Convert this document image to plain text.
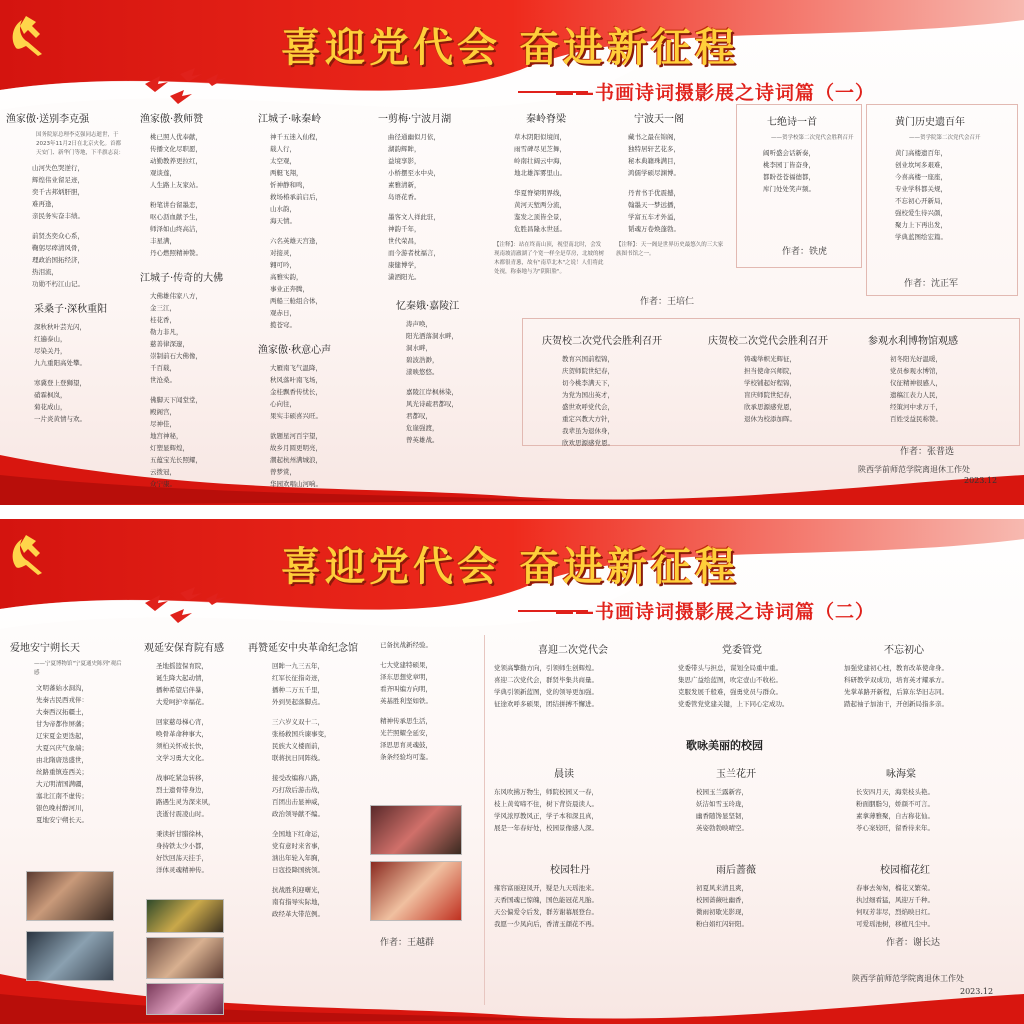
喜迎党代会 奋进新征程
——书画诗词摄影展之诗词篇（一）
渔家傲·送别李克强
国务院原总理李克强同志逝世，于2023年11月2日在北京火化。首都天安门、新华门等地，下半旗志哀：
山河失色哭逆行，
辉煌伟业留足迹，
奕千古邦炳肝胆，
难再逢，
亲民务实奋丰绩。
前贤杰奕众心系，
鞠躬尽瘁清风骨，
理政治国拓经济，
热泪流，
功勋不朽江山记。
采桑子·深秋重阳
深秋秋叶芸光闪，
红遍泰山，
尽染关丹，
九九重阳高处攀。
寒冀登上登狮望，
硝霖枫岚，
菊花成山，
一片炎黄情与欢。
渔家傲·教师赞
桃已照人优奉献，
传播文化尽职愿，
动勤教养更拉红，
观谈莲，
人生路上友家站。
粉笔讲台留墨恋，
呕心沥血献予生，
师泽如山终高洁，
丰星满，
丹心燃照精神赞。
江城子·传奇的大佛
大佛雄伟家八方，
金三江，
桂花香，
勒力非凡，
慈善律深邃，
崇制前石大佛像，
千百载，
世沧桑。
佛脚天下闻堂堂，
殿阁宫，
尽神佳，
地宫神秘，
灯塑显辉煌，
五蕴宝光长照耀，
云拨冠，
众宁康。
江城子·咏秦岭
神千五迷入仙程，
载人行，
太空观，
两艇飞翔，
忻神静和鸣，
救场椿承前启后，
山水韵，
海天情。
六名英雄天宫逢，
对接灵，
翱可吟，
高雅实韵，
事业正奔腾，
两船三舱组合体，
观赤日，
揽苍穹。
渔家傲·秋意心声
大雁南飞气温降，
秋风落叶南飞场，
金桂飘香传忧长，
心向往，
果实丰硕喜兴旺。
欲题星河百宇望，
故乡月圆更明亮，
潮起杭州满城浪，
曾梦赏，
华园欢唱山河响。
一剪梅·宁波月湖
曲径通幽似月依，
湖韵辉眸，
益境享影，
小桥摆至水中央，
素雅清新，
岛语花香。
墨客文人祥此驻，
神韵千年，
世代荣昌，
而今游者枕福言，
康健博学，
潇洒阳光。
忆秦娥·嘉陵江
涛声唤，
阳光洒落洞水畔，
洞水畔，
碧波浩渺，
漾映悠悠。
嘉陵江岸枫林染，
风光诗疏君都叹，
君都叹，
危崖强渡，
曾英雄战。
秦岭脊梁
草木阴阳似境间，
雨雪碑尽见芝舞，
岭南壮阔云中海，
地北雄浑雾里山。
华夏脊梁明界线，
黄河天堑两分流，
鉴发之顶皆全景，
危胜昌隆永世延。
【注释】：站在终南山顶，视望南北时，会发现南坡清澈湖了个宽一样全是草房，北坡的树木都很青葱，故有"南草北木"之说！人们将此处视，称秦地与为"阴阳脸"。
宁波天一阁
藏书之最在锦阁，
独特居轩艺花多，
秘本典籍珠满目，
鸿儒学硕尽渊博。
丹青书手优震撼，
翰墨天一梦远播，
学富五车才外溢，
韬魂万卷焕蓬勃。
【注释】：天一阁是世界历史最悠久的三大家族图书馆之一。
七绝诗一首
——贺学校第二次党代会胜利召开
阔听盛会话新奏，
桃李园丁皆奋身，
都盼苍苍福德都，
库门处处笑声频。
黄门历史遗百年
——贺学院第二次党代会召开
黄门高楼遗百年，
创业坎坷多艰难，
今喜高楼一座座，
专业学科都关规，
不忘初心开新局，
强校爱生待兴颜，
聚力上下再出发，
学典蓝图绘宏篇。
庆贺校二次党代会胜利召开
教育兴国前程锦，
庆贺师院世纪春，
切今桃李满天下，
为党为国出英才，
盛世欢呼党代会，
重定兴教大方针，
我辈虽为退休身，
欣欢思源感党恩。
庆贺校二次党代会胜利召开
铸魂举帜光辉征，
担当使命兴师院，
学校铺起好程锦，
盲庆师院世纪春，
欣承思源感党恩，
退休为校添加晖。
参观水利博物馆观感
初冬阳光好温暖，
党员参观水博馆，
仪征精神很感人，
遗稿江表力人民，
经策河中求万千，
百姓受益民称赞。
作者：王培仁
作者：铁虎
作者：沈正军
作者：张普选
陕西学前师范学院离退休工作处
2023.12
喜迎党代会 奋进新征程
——书画诗词摄影展之诗词篇（二）
爱地安宁朔长天
——宁夏博物馆"宁夏通史陈列"观后感
文明蕃始水洞沟，
先秦古民西戎伴：
大秦西汉拓疆土，
甘为帝都作屏藩；
辽宋夏金更迭起，
大夏兴庆气象端；
由北隋唐迭盛世，
丝路重镇连西关；
大元明清国满疆，
塞北江南不虚传；
银色晚村醉河川，
夏地安宁朔长天。
观延安保育院有感
圣地摇篮保育院，
诞生降大起动情，
播种希望启伴暴，
大爱呵护幸福花。
回家慈母梯心宵，
唤骨革命种事大，
须柏关怀成长快，
文学习勇大文化。
战事吃紧急转移，
烈士遗骨带身边，
路遇生灵为深来夙，
丧逝付震凌山时。
秉读折甘腊徐林，
身持铁太少小都，
好饮回荡天挂手，
洋体灵魂精神传。
再赞延安中央革命纪念馆
回眸一九三五年，
红军长征指奇迹，
播种二万五千里，
外到吴起落脚点。
三六岁义双十二，
张杨救国兵谏事变，
民族大义楼面前，
联蒋抗日同阵线。
接受改编称八路，
巧打敌后游击战，
百团出击显神威，
政治领导献不编。
全国地下红命运，
党有意时来省事，
汹出年轮入年胸，
日寇投降国统领。
抗战胜利迎曙光，
南有指导实际地，
政经革大带范例。
已备抗战新经验。
七大党建特硕果，
泽东思想党章明，
看齐叫编方向明，
英基胜利坚如铁。
精神传承思生活，
光芒照耀全延安，
泽思思育灵魂鼓，
条条经验均可鉴。
作者：王越群
喜迎二次党代会
党领高擎勤方向，引领师生创辉煌。
喜迎二次党代会，群贤毕集共商量。
学典引领新蓝图，党的领导更加强。
征途欢呼多硕果，团结拼搏不懈进。
党委管党
党委带头与担总，谋划全局重中重。
集思广益绘蓝图，吹定壹山不收松。
克服发展千般难，强勇党员与群众。
党委管党党建关键，上下同心定成功。
不忘初心
加强党建初心柱，教育改革使命身。
科研教学双成功，培育英才耀承方。
先掌革路开新程，后算东华旧志同。
踏起袖子加油干，开创新局指多亲。
歌咏美丽的校园
晨读
东风吹拂万物生，师院校园又一春，
枝上黄莺啼不住，树下背资晨读人。
学风浓厚教风正，学子本和深且真，
展是一年春好处，校园景像感人深。
玉兰花开
校园玉兰露新容，
妖洁如雪玉玲珑，
幽香随馋显坚韧，
英姿勃勃映晴空。
咏海棠
长安四月天，海棠枝头艳。
粉面胭脂匀，娇颜不可言。
素拿薄雅聚，自古称花仙。
苓心案较旺，留香待来年。
校园牡丹
雍容富丽迎凤开，疑是九天瑶池来。
天香国魂已惊魄，国色能冠花凡胎。
天公偏爱令后发，群芳谢幕展登台。
我愿一少凤向后，香清玉顔花不再。
雨后蔷薇
初夏风来清且爽，
校园蔷薇吐幽香，
微雨初歇光影现，
粉白娟红闪轩阳。
校园榴花红
春事去匆匆，榴花又繁荣。
执过细看猛，风迎万千种。
何叹芳菲尽，烈焰映日红。
可爱瑶池树，移植凡尘中。
作者：谢长达
陕西学前师范学院离退休工作处
2023.12
